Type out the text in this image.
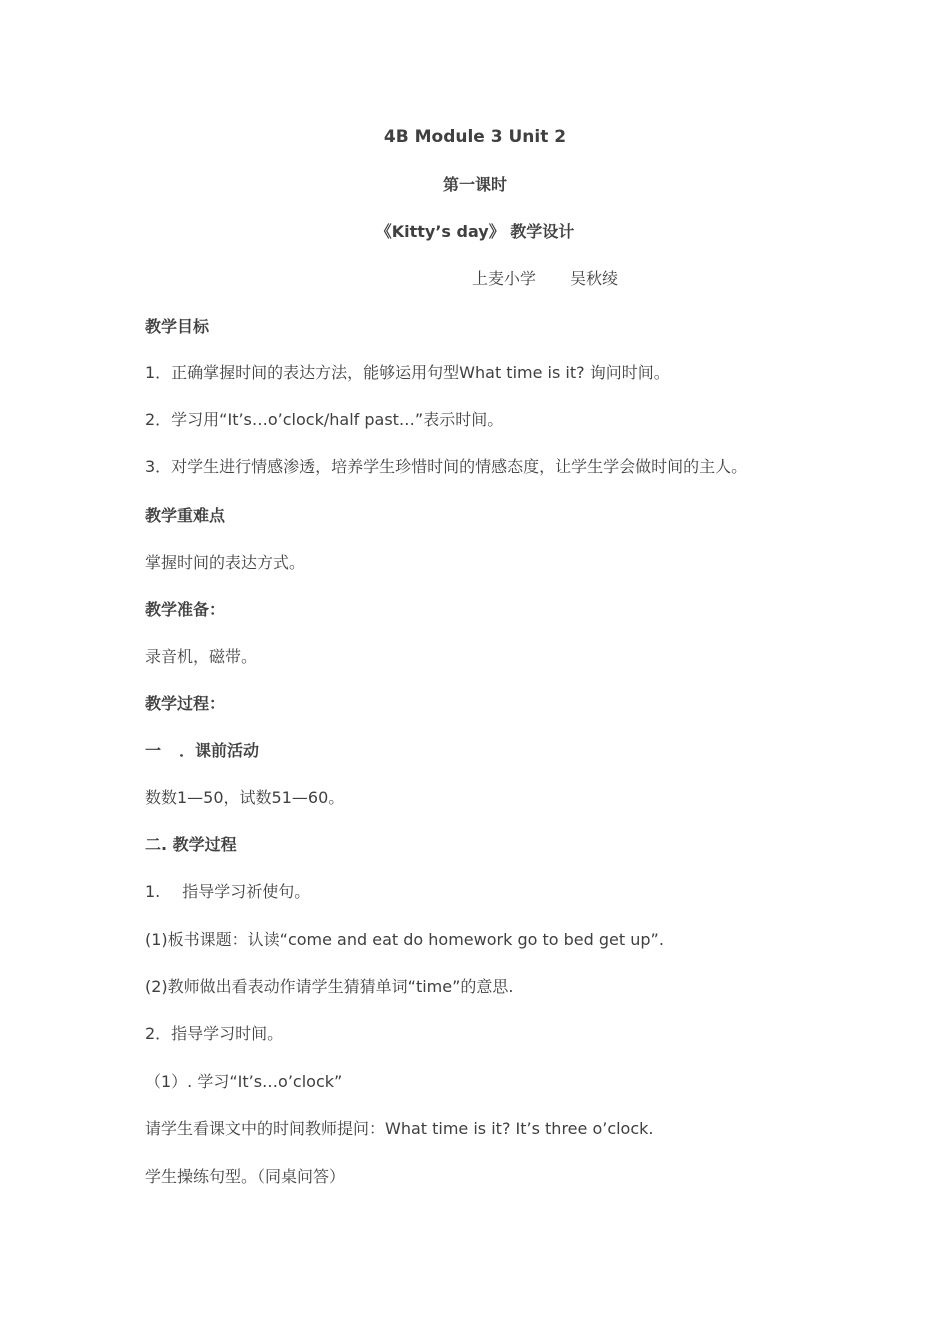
4B Module 3 Unit 2
第一课时
《Kitty’s day》 教学设计
上麦小学 吴秋绫
教学目标
1．正确掌握时间的表达方法，能够运用句型What time is it? 询问时间。
2．学习用“It’s…o’clock/half past…”表示时间。
3．对学生进行情感渗透，培养学生珍惜时间的情感态度，让学生学会做时间的主人。
教学重难点
掌握时间的表达方式。
教学准备：
录音机，磁带。
教学过程：
一 ．课前活动
数数1—50，试数51—60。
二. 教学过程
1. 指导学习祈使句。
(1)板书课题：认读“come and eat do homework go to bed get up”.
(2)教师做出看表动作请学生猜猜单词“time”的意思.
2．指导学习时间。
（1）. 学习“It’s…o’clock”
请学生看课文中的时间教师提问：What time is it? It’s three o’clock.
学生操练句型。（同桌问答）
